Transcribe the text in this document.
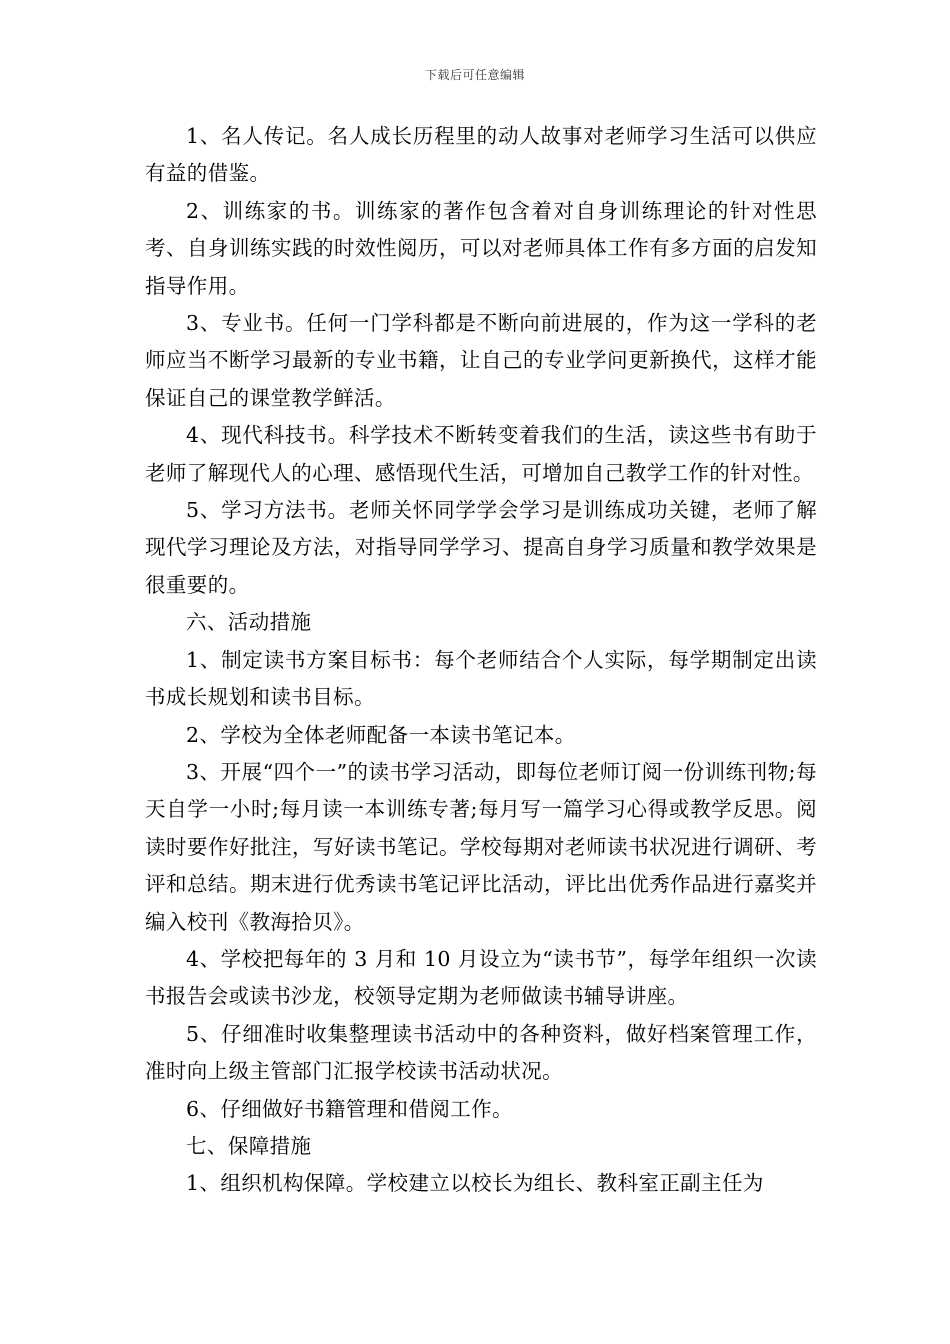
下载后可任意编辑

1、名人传记。名人成长历程里的动人故事对老师学习生活可以供应有益的借鉴。

2、训练家的书。训练家的著作包含着对自身训练理论的针对性思考、自身训练实践的时效性阅历，可以对老师具体工作有多方面的启发知指导作用。

3、专业书。任何一门学科都是不断向前进展的，作为这一学科的老师应当不断学习最新的专业书籍，让自己的专业学问更新换代，这样才能保证自己的课堂教学鲜活。

4、现代科技书。科学技术不断转变着我们的生活，读这些书有助于老师了解现代人的心理、感悟现代生活，可增加自己教学工作的针对性。

5、学习方法书。老师关怀同学学会学习是训练成功关键，老师了解现代学习理论及方法，对指导同学学习、提高自身学习质量和教学效果是很重要的。

六、活动措施

1、制定读书方案目标书：每个老师结合个人实际，每学期制定出读书成长规划和读书目标。

2、学校为全体老师配备一本读书笔记本。

3、开展“四个一”的读书学习活动，即每位老师订阅一份训练刊物;每天自学一小时;每月读一本训练专著;每月写一篇学习心得或教学反思。阅读时要作好批注，写好读书笔记。学校每期对老师读书状况进行调研、考评和总结。期末进行优秀读书笔记评比活动，评比出优秀作品进行嘉奖并编入校刊《教海拾贝》。

4、学校把每年的 3 月和 10 月设立为“读书节”，每学年组织一次读书报告会或读书沙龙，校领导定期为老师做读书辅导讲座。

5、仔细准时收集整理读书活动中的各种资料，做好档案管理工作，准时向上级主管部门汇报学校读书活动状况。

6、仔细做好书籍管理和借阅工作。

七、保障措施

1、组织机构保障。学校建立以校长为组长、教科室正副主任为
